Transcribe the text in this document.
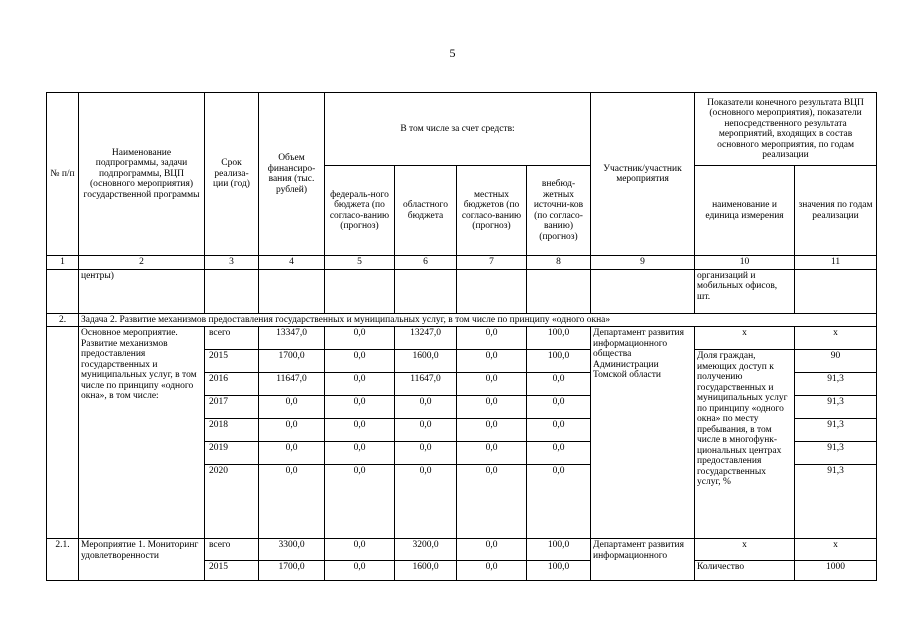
5
№ п/п	Наименование подпрограммы, задачи подпрограммы, ВЦП (основного мероприятия) государственной программы	Срок реализа-ции (год)	Объем финансиро-вания (тыс. рублей)	В том числе за счет средств:				Участник/участник мероприятия	Показатели конечного результата ВЦП (основного мероприятия), показатели непосредственного результата мероприятий, входящих в состав основного мероприятия, по годам реализации	
				федераль-ного бюджета (по согласо-ванию (прогноз)	областного бюджета	местных бюджетов (по согласо-ванию (прогноз)	внебюд-жетных источни-ков (по согласо-ванию) (прогноз)		наименование и единица измерения	значения по годам реализации
1	2	3	4	5	6	7	8	9	10	11
	центры)								организаций и мобильных офисов, шт.	
2.	Задача 2. Развитие механизмов предоставления государственных и муниципальных услуг, в том числе по принципу «одного окна»									
	Основное мероприятие. Развитие механизмов предоставления государственных и муниципальных услуг, в том числе по принципу «одного окна», в том числе:	всего	13347,0	0,0	13247,0	0,0	100,0	Департамент развития информационного общества Администрации Томской области	x	x
		2015	1700,0	0,0	1600,0	0,0	100,0		Доля граждан, имеющих доступ к получению государственных и муниципальных услуг по принципу «одного окна» по месту пребывания, в том числе в многофунк-циональных центрах предоставления государственных услуг, %	90
		2016	11647,0	0,0	11647,0	0,0	0,0			91,3
		2017	0,0	0,0	0,0	0,0	0,0			91,3
		2018	0,0	0,0	0,0	0,0	0,0			91,3
		2019	0,0	0,0	0,0	0,0	0,0			91,3
		2020	0,0	0,0	0,0	0,0	0,0			91,3
2.1.	Мероприятие 1. Мониторинг удовлетворенности	всего	3300,0	0,0	3200,0	0,0	100,0	Департамент развития информационного	x	x
		2015	1700,0	0,0	1600,0	0,0	100,0		Количество	1000
